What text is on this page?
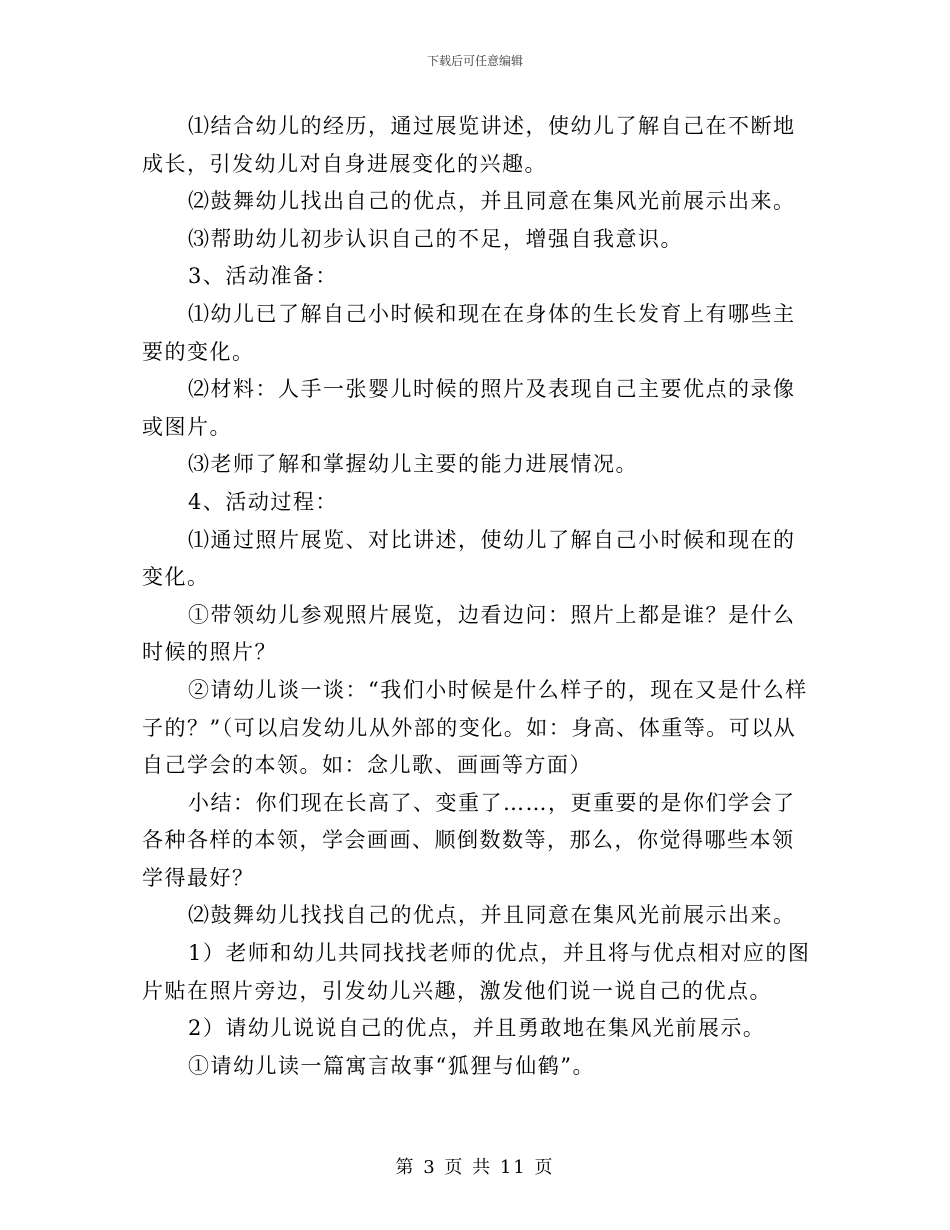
下载后可任意编辑

⑴结合幼儿的经历，通过展览讲述，使幼儿了解自己在不断地成长，引发幼儿对自身进展变化的兴趣。

⑵鼓舞幼儿找出自己的优点，并且同意在集风光前展示出来。

⑶帮助幼儿初步认识自己的不足，增强自我意识。

3、活动准备：

⑴幼儿已了解自己小时候和现在在身体的生长发育上有哪些主要的变化。

⑵材料：人手一张婴儿时候的照片及表现自己主要优点的录像或图片。

⑶老师了解和掌握幼儿主要的能力进展情况。

4、活动过程：

⑴通过照片展览、对比讲述，使幼儿了解自己小时候和现在的变化。

①带领幼儿参观照片展览，边看边问：照片上都是谁？是什么时候的照片？

②请幼儿谈一谈：“我们小时候是什么样子的，现在又是什么样子的？”（可以启发幼儿从外部的变化。如：身高、体重等。可以从自己学会的本领。如：念儿歌、画画等方面）

小结：你们现在长高了、变重了……，更重要的是你们学会了各种各样的本领，学会画画、顺倒数数等，那么，你觉得哪些本领学得最好？

⑵鼓舞幼儿找找自己的优点，并且同意在集风光前展示出来。

1）老师和幼儿共同找找老师的优点，并且将与优点相对应的图片贴在照片旁边，引发幼儿兴趣，激发他们说一说自己的优点。

2）请幼儿说说自己的优点，并且勇敢地在集风光前展示。

①请幼儿读一篇寓言故事“狐狸与仙鹤”。

第 3 页 共 11 页
